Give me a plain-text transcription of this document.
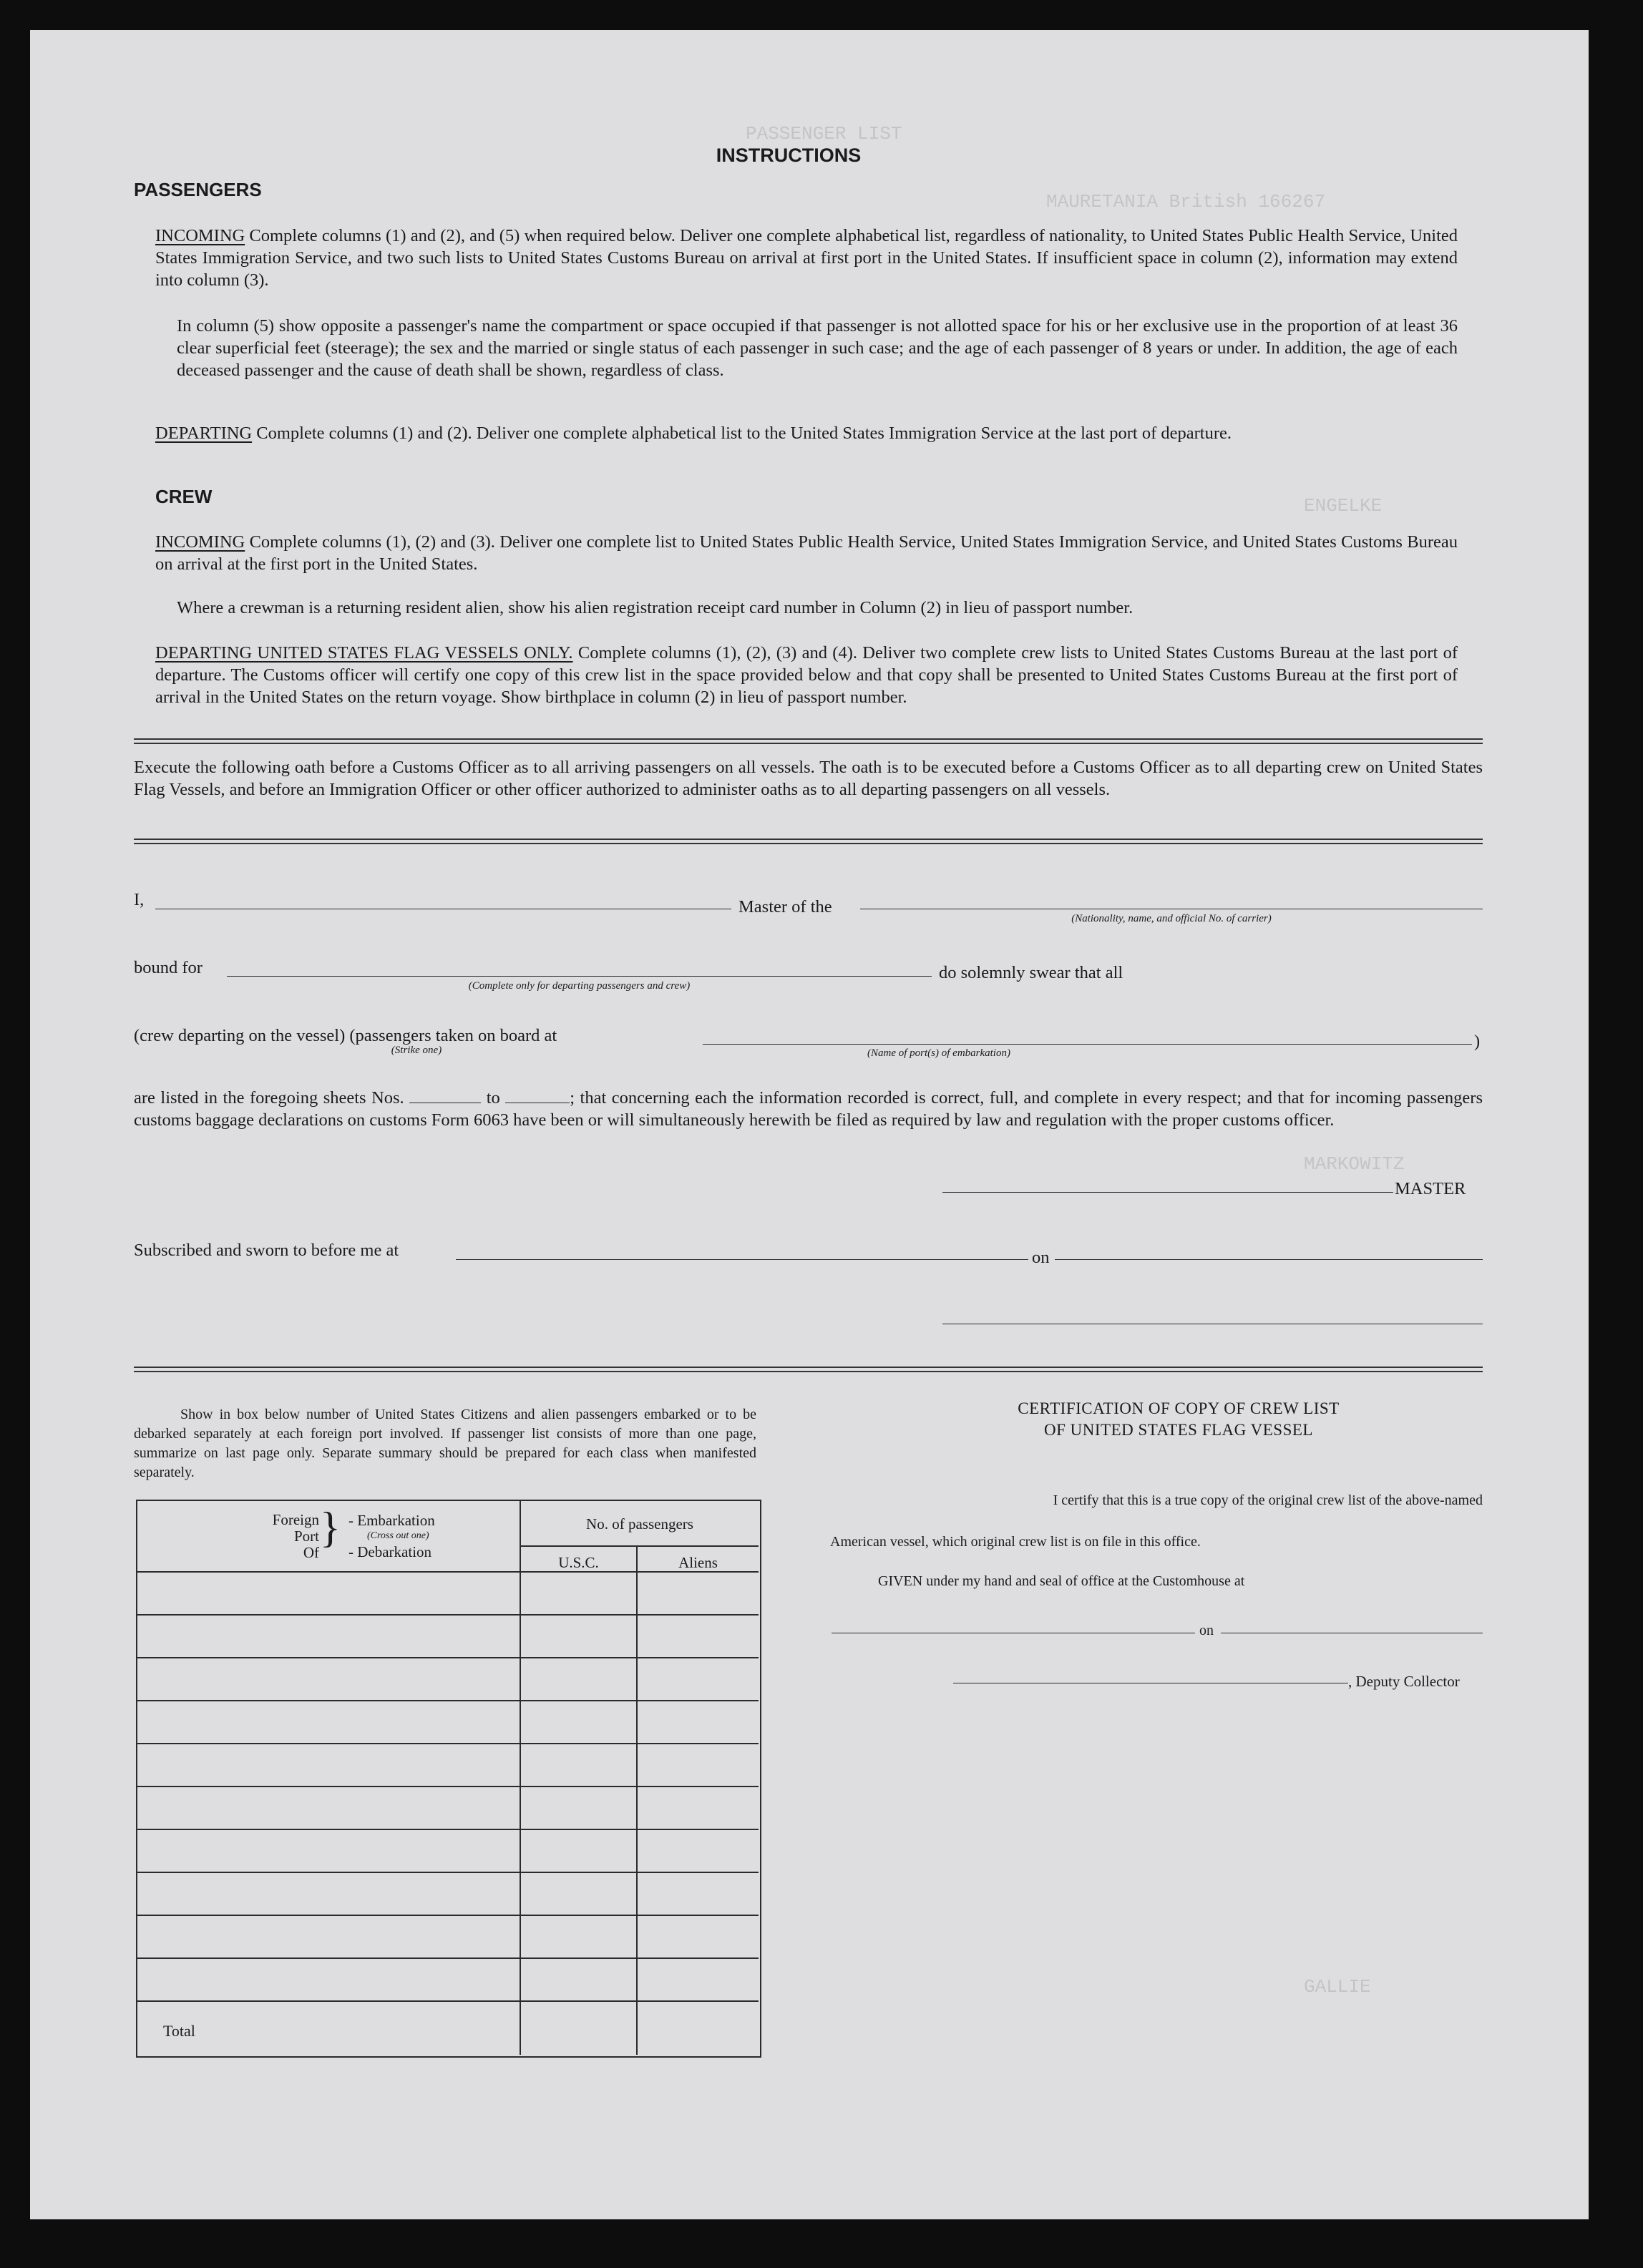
PASSENGER LIST
MAURETANIA British 166267
ENGELKE
MARKOWITZ
GALLIE
INSTRUCTIONS
PASSENGERS
INCOMING Complete columns (1) and (2), and (5) when required below. Deliver one complete alphabetical list, regardless of nationality, to United States Public Health Service, United States Immigration Service, and two such lists to United States Customs Bureau on arrival at first port in the United States. If insufficient space in column (2), information may extend into column (3).
In column (5) show opposite a passenger's name the compartment or space occupied if that passenger is not allotted space for his or her exclusive use in the proportion of at least 36 clear superficial feet (steerage); the sex and the married or single status of each passenger in such case; and the age of each passenger of 8 years or under. In addition, the age of each deceased passenger and the cause of death shall be shown, regardless of class.
DEPARTING Complete columns (1) and (2). Deliver one complete alphabetical list to the United States Immigration Service at the last port of departure.
CREW
INCOMING Complete columns (1), (2) and (3). Deliver one complete list to United States Public Health Service, United States Immigration Service, and United States Customs Bureau on arrival at the first port in the United States.
Where a crewman is a returning resident alien, show his alien registration receipt card number in Column (2) in lieu of passport number.
DEPARTING UNITED STATES FLAG VESSELS ONLY. Complete columns (1), (2), (3) and (4). Deliver two complete crew lists to United States Customs Bureau at the last port of departure. The Customs officer will certify one copy of this crew list in the space provided below and that copy shall be presented to United States Customs Bureau at the first port of arrival in the United States on the return voyage. Show birthplace in column (2) in lieu of passport number.
Execute the following oath before a Customs Officer as to all arriving passengers on all vessels. The oath is to be executed before a Customs Officer as to all departing crew on United States Flag Vessels, and before an Immigration Officer or other officer authorized to administer oaths as to all departing passengers on all vessels.
I,	Master of the
(Nationality, name, and official No. of carrier)
bound for
(Complete only for departing passengers and crew)
do solemnly swear that all
(crew departing on the vessel) (passengers taken on board at
(Strike one)	(Name of port(s) of embarkation)
)
are listed in the foregoing sheets Nos.	to	; that concerning each the information recorded is correct, full, and complete in every respect; and that for incoming passengers customs baggage declarations on customs Form 6063 have been or will simultaneously herewith be filed as required by law and regulation with the proper customs officer.
MASTER
Subscribed and sworn to before me at	on
Show in box below number of United States Citizens and alien passengers embarked or to be debarked separately at each foreign port involved. If passenger list consists of more than one page, summarize on last page only. Separate summary should be prepared for each class when manifested separately.
Foreign
Port
Of
} - Embarkation
(Cross out one)
- Debarkation
No. of passengers
U.S.C.	Aliens
Total
CERTIFICATION OF COPY OF CREW LIST
OF UNITED STATES FLAG VESSEL
I certify that this is a true copy of the original crew list of the above-named
American vessel, which original crew list is on file in this office.
GIVEN under my hand and seal of office at the Customhouse at
on
, Deputy Collector
